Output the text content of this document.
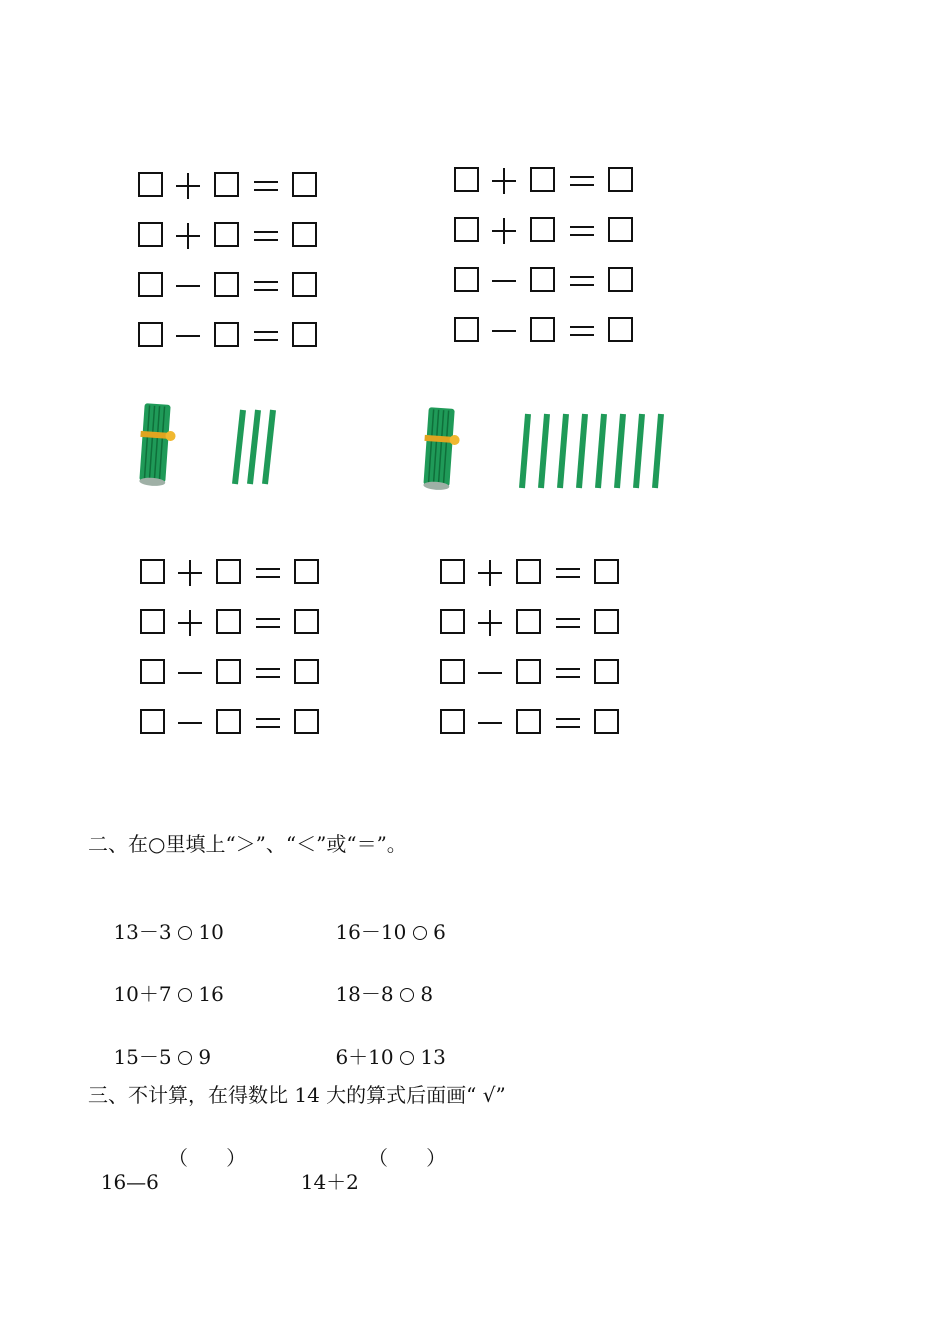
二、在○里填上“＞”、“＜”或“＝”。

13－3 10
	16－10 6

10＋7 16
	18－8 8

15－5 9
	6＋10 13

三、不计算，在得数比 14 大的算式后面画“ √”

16—6

（      ）

14＋2

（      ）
